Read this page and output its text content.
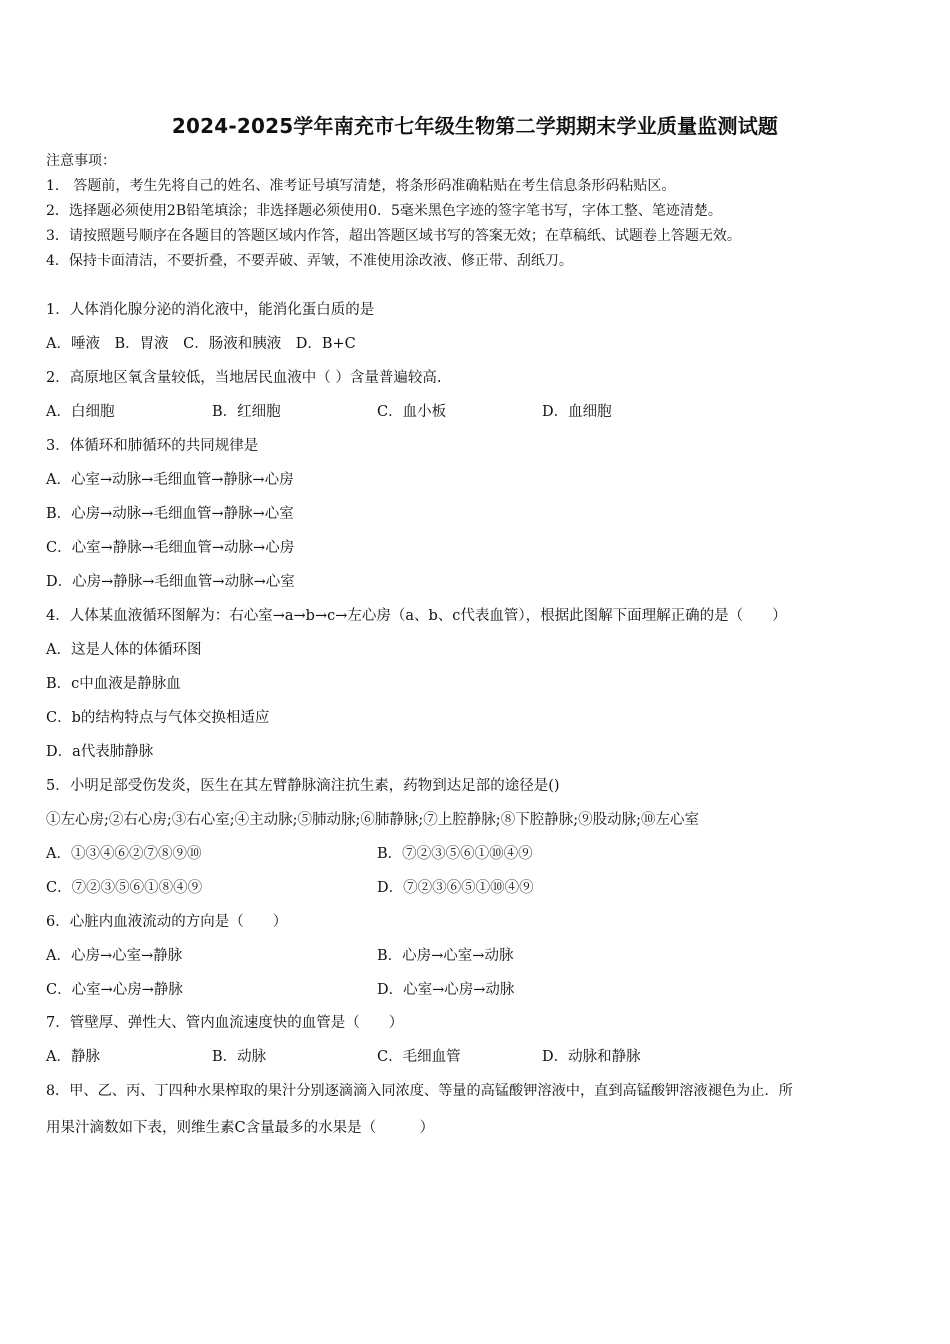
2024-2025学年南充市七年级生物第二学期期末学业质量监测试题
注意事项：
1． 答题前，考生先将自己的姓名、准考证号填写清楚，将条形码准确粘贴在考生信息条形码粘贴区。
2．选择题必须使用2B铅笔填涂；非选择题必须使用0．5毫米黑色字迹的签字笔书写，字体工整、笔迹清楚。
3．请按照题号顺序在各题目的答题区域内作答，超出答题区域书写的答案无效；在草稿纸、试题卷上答题无效。
4．保持卡面清洁，不要折叠，不要弄破、弄皱，不准使用涂改液、修正带、刮纸刀。
1．人体消化腺分泌的消化液中，能消化蛋白质的是
A．唾液　B．胃液　C．肠液和胰液　D．B+C
2．高原地区氧含量较低，当地居民血液中（ ）含量普遍较高.
A．白细胞	B．红细胞	C．血小板	D．血细胞
3．体循环和肺循环的共同规律是
A．心室→动脉→毛细血管→静脉→心房
B．心房→动脉→毛细血管→静脉→心室
C．心室→静脉→毛细血管→动脉→心房
D．心房→静脉→毛细血管→动脉→心室
4．人体某血液循环图解为：右心室→a→b→c→左心房（a、b、c代表血管），根据此图解下面理解正确的是（　　）
A．这是人体的体循环图
B．c中血液是静脉血
C．b的结构特点与气体交换相适应
D．a代表肺静脉
5．小明足部受伤发炎，医生在其左臂静脉滴注抗生素，药物到达足部的途径是()
①左心房;②右心房;③右心室;④主动脉;⑤肺动脉;⑥肺静脉;⑦上腔静脉;⑧下腔静脉;⑨股动脉;⑩左心室
A．①③④⑥②⑦⑧⑨⑩	B．⑦②③⑤⑥①⑩④⑨
C．⑦②③⑤⑥①⑧④⑨	D．⑦②③⑥⑤①⑩④⑨
6．心脏内血液流动的方向是（　　）
A．心房→心室→静脉	B．心房→心室→动脉
C．心室→心房→静脉	D．心室→心房→动脉
7．管壁厚、弹性大、管内血流速度快的血管是（　　）
A．静脉	B．动脉	C．毛细血管	D．动脉和静脉
8．甲、乙、丙、丁四种水果榨取的果汁分别逐滴滴入同浓度、等量的高锰酸钾溶液中，直到高锰酸钾溶液褪色为止．所
用果汁滴数如下表，则维生素C含量最多的水果是（　　　）
